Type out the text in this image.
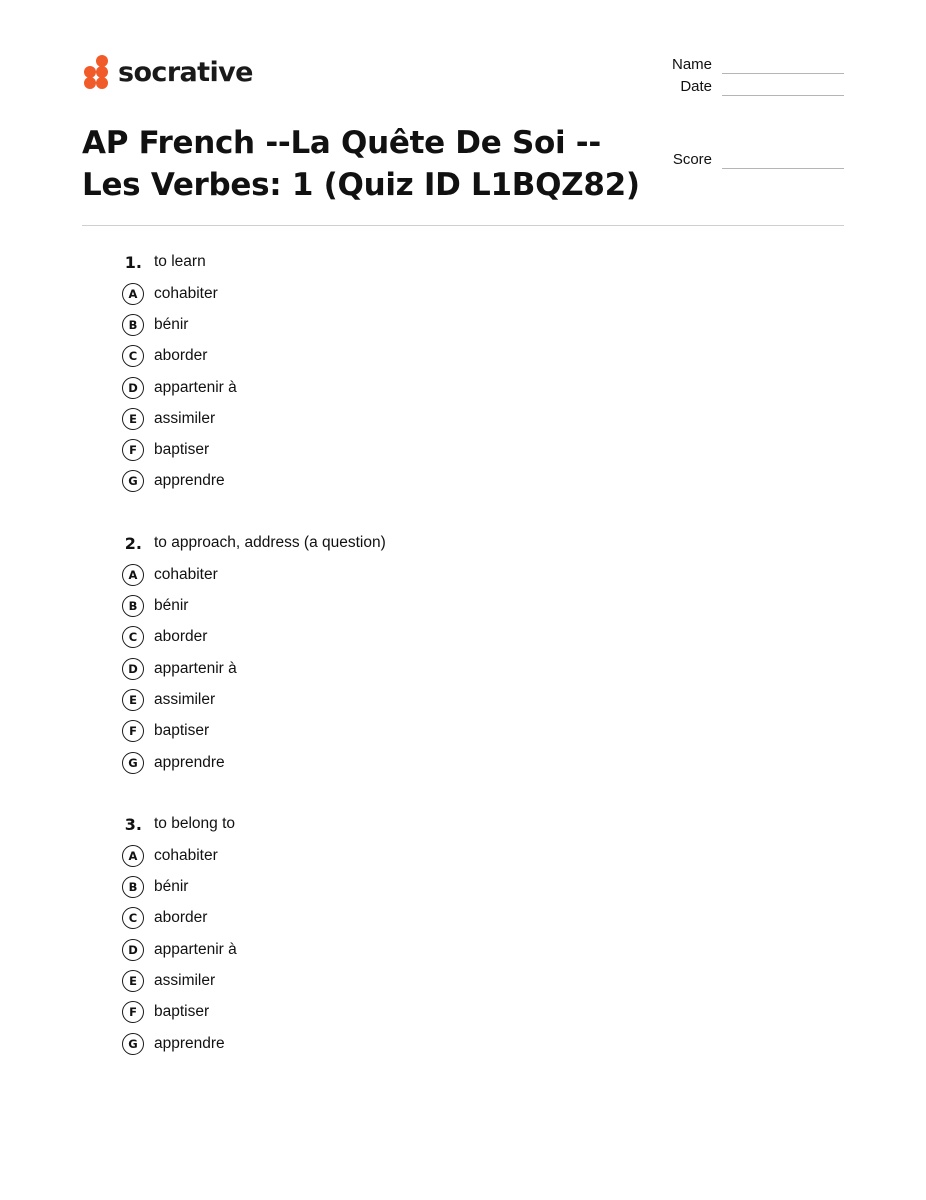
socrative	Name
Date
Score
AP French --La Quête De Soi --
Les Verbes: 1 (Quiz ID L1BQZ82)
1. to learn
A	cohabiter
B	bénir
C	aborder
D	appartenir à
E	assimiler
F	baptiser
G	apprendre
2. to approach, address (a question)
A	cohabiter
B	bénir
C	aborder
D	appartenir à
E	assimiler
F	baptiser
G	apprendre
3. to belong to
A	cohabiter
B	bénir
C	aborder
D	appartenir à
E	assimiler
F	baptiser
G	apprendre
